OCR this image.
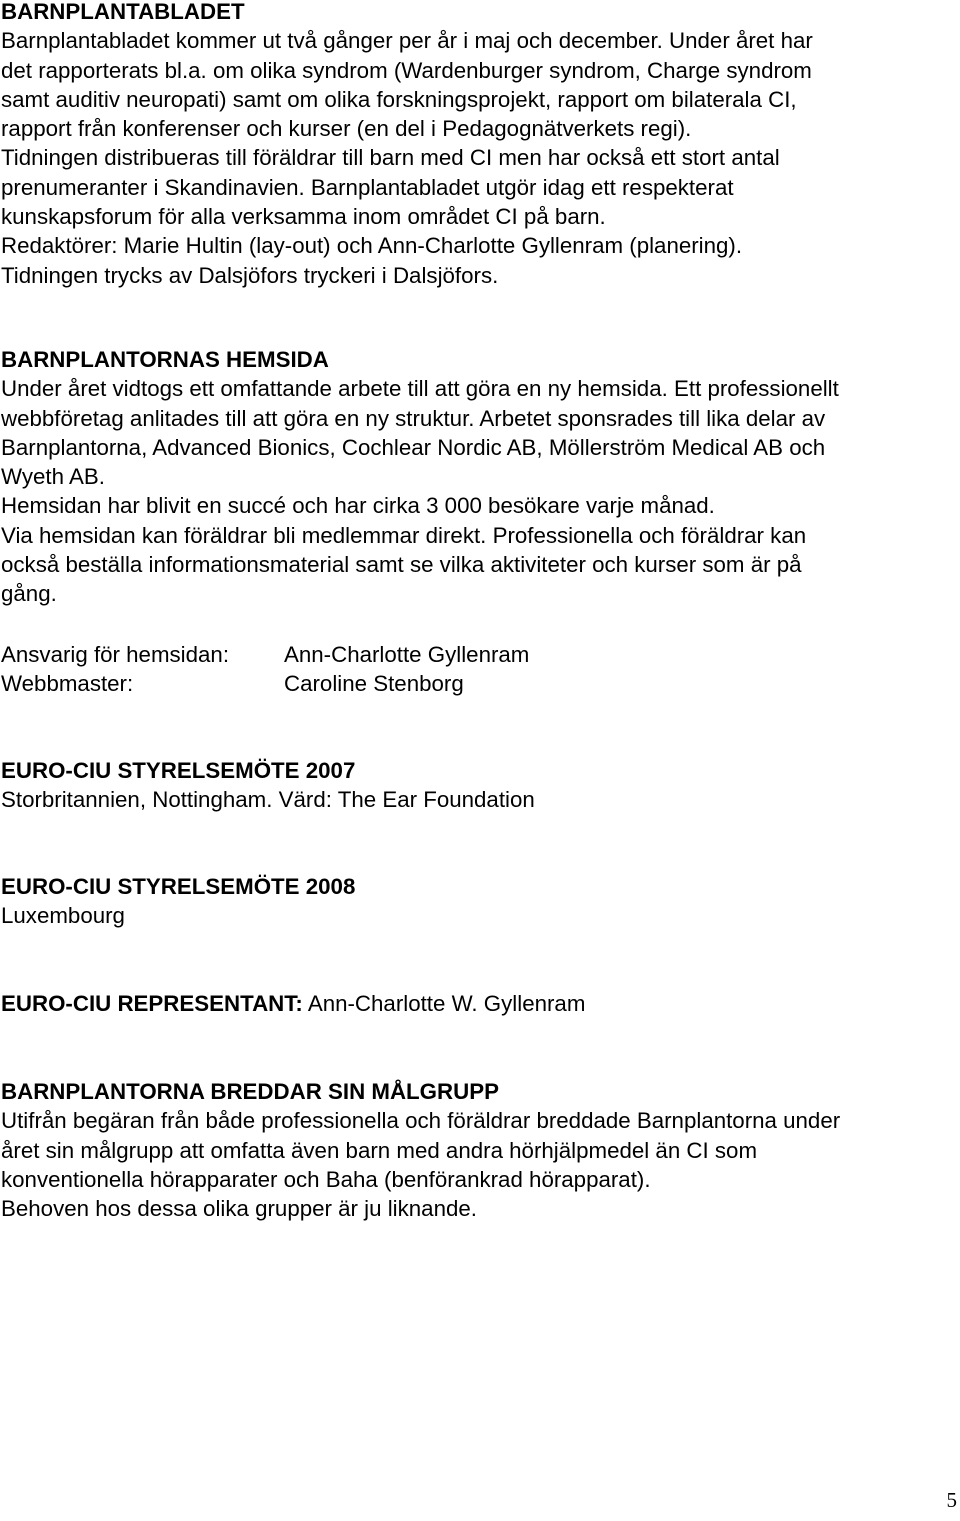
BARNPLANTABLADET
Barnplantabladet kommer ut två gånger per år i maj och december. Under året har
det rapporterats bl.a. om olika syndrom (Wardenburger syndrom, Charge syndrom
samt auditiv neuropati) samt om olika forskningsprojekt, rapport om bilaterala CI,
rapport från konferenser och kurser (en del i Pedagognätverkets regi).
Tidningen distribueras till föräldrar till barn med CI men har också ett stort antal
prenumeranter i Skandinavien. Barnplantabladet utgör idag ett respekterat
kunskapsforum för alla verksamma inom området CI på barn.
Redaktörer: Marie Hultin (lay-out) och Ann-Charlotte Gyllenram (planering).
Tidningen trycks av Dalsjöfors tryckeri i Dalsjöfors.
BARNPLANTORNAS HEMSIDA
Under året vidtogs ett omfattande arbete till att göra en ny hemsida. Ett professionellt
webbföretag anlitades till att göra en ny struktur. Arbetet sponsrades till lika delar av
Barnplantorna, Advanced Bionics, Cochlear Nordic AB, Möllerström Medical AB och
Wyeth AB.
Hemsidan har blivit en succé och har cirka 3 000 besökare varje månad.
Via hemsidan kan föräldrar bli medlemmar direkt. Professionella och föräldrar kan
också beställa informationsmaterial samt se vilka aktiviteter och kurser som är på
gång.
Ansvarig för hemsidan: Ann-Charlotte Gyllenram
Webbmaster:	Caroline Stenborg
EURO-CIU STYRELSEMÖTE 2007
Storbritannien, Nottingham. Värd: The Ear Foundation
EURO-CIU STYRELSEMÖTE 2008
Luxembourg
EURO-CIU REPRESENTANT: Ann-Charlotte W. Gyllenram
BARNPLANTORNA BREDDAR SIN MÅLGRUPP
Utifrån begäran från både professionella och föräldrar breddade Barnplantorna under
året sin målgrupp att omfatta även barn med andra hörhjälpmedel än CI som
konventionella hörapparater och Baha (benförankrad hörapparat).
Behoven hos dessa olika grupper är ju liknande.
5
